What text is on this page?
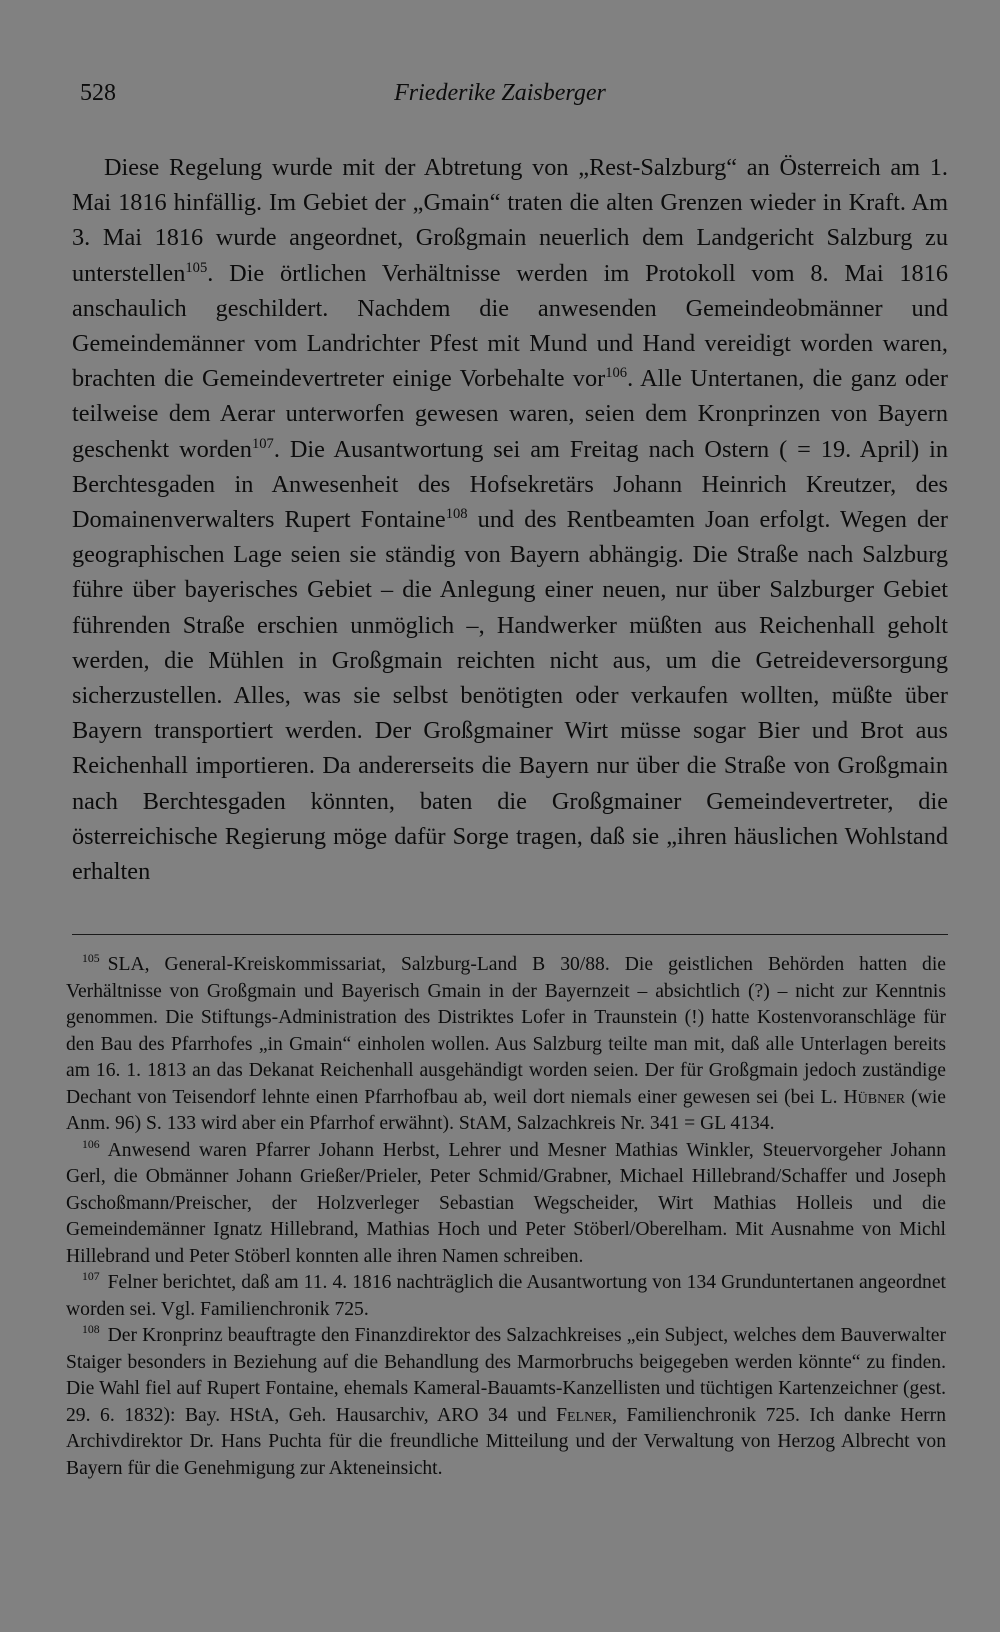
528	Friederike Zaisberger

Diese Regelung wurde mit der Abtretung von „Rest-Salzburg“ an Österreich am 1. Mai 1816 hinfällig. Im Gebiet der „Gmain“ traten die alten Grenzen wieder in Kraft. Am 3. Mai 1816 wurde angeordnet, Großgmain neuerlich dem Landgericht Salzburg zu unterstellen$^{105}$. Die örtlichen Verhältnisse werden im Protokoll vom 8. Mai 1816 anschaulich geschildert. Nachdem die anwesenden Gemeindeobmänner und Gemeindemänner vom Landrichter Pfest mit Mund und Hand vereidigt worden waren, brachten die Gemeindevertreter einige Vorbehalte vor$^{106}$. Alle Untertanen, die ganz oder teilweise dem Aerar unterworfen gewesen waren, seien dem Kronprinzen von Bayern geschenkt worden$^{107}$. Die Ausantwortung sei am Freitag nach Ostern ( = 19. April) in Berchtesgaden in Anwesenheit des Hofsekretärs Johann Heinrich Kreutzer, des Domainenverwalters Rupert Fontaine$^{108}$ und des Rentbeamten Joan erfolgt. Wegen der geographischen Lage seien sie ständig von Bayern abhängig. Die Straße nach Salzburg führe über bayerisches Gebiet – die Anlegung einer neuen, nur über Salzburger Gebiet führenden Straße erschien unmöglich –, Handwerker müßten aus Reichenhall geholt werden, die Mühlen in Großgmain reichten nicht aus, um die Getreideversorgung sicherzustellen. Alles, was sie selbst benötigten oder verkaufen wollten, müßte über Bayern transportiert werden. Der Großgmainer Wirt müsse sogar Bier und Brot aus Reichenhall importieren. Da andererseits die Bayern nur über die Straße von Großgmain nach Berchtesgaden könnten, baten die Großgmainer Gemeindevertreter, die österreichische Regierung möge dafür Sorge tragen, daß sie „ihren häuslichen Wohlstand erhalten

$^{105}$ SLA, General-Kreiskommissariat, Salzburg-Land B 30/88. Die geistlichen Behörden hatten die Verhältnisse von Großgmain und Bayerisch Gmain in der Bayernzeit – absichtlich (?) – nicht zur Kenntnis genommen. Die Stiftungs-Administration des Distriktes Lofer in Traunstein (!) hatte Kostenvoranschläge für den Bau des Pfarrhofes „in Gmain“ einholen wollen. Aus Salzburg teilte man mit, daß alle Unterlagen bereits am 16. 1. 1813 an das Dekanat Reichenhall ausgehändigt worden seien. Der für Großgmain jedoch zuständige Dechant von Teisendorf lehnte einen Pfarrhofbau ab, weil dort niemals einer gewesen sei (bei L. Hübner (wie Anm. 96) S. 133 wird aber ein Pfarrhof erwähnt). StAM, Salzachkreis Nr. 341 = GL 4134.

$^{106}$ Anwesend waren Pfarrer Johann Herbst, Lehrer und Mesner Mathias Winkler, Steuervorgeher Johann Gerl, die Obmänner Johann Grießer/Prieler, Peter Schmid/Grabner, Michael Hillebrand/Schaffer und Joseph Gschoßmann/Preischer, der Holzverleger Sebastian Wegscheider, Wirt Mathias Holleis und die Gemeindemänner Ignatz Hillebrand, Mathias Hoch und Peter Stöberl/Oberelham. Mit Ausnahme von Michl Hillebrand und Peter Stöberl konnten alle ihren Namen schreiben.

$^{107}$ Felner berichtet, daß am 11. 4. 1816 nachträglich die Ausantwortung von 134 Grunduntertanen angeordnet worden sei. Vgl. Familienchronik 725.

$^{108}$ Der Kronprinz beauftragte den Finanzdirektor des Salzachkreises „ein Subject, welches dem Bauverwalter Staiger besonders in Beziehung auf die Behandlung des Marmorbruchs beigegeben werden könnte“ zu finden. Die Wahl fiel auf Rupert Fontaine, ehemals Kameral-Bauamts-Kanzellisten und tüchtigen Kartenzeichner (gest. 29. 6. 1832): Bay. HStA, Geh. Hausarchiv, ARO 34 und Felner, Familienchronik 725. Ich danke Herrn Archivdirektor Dr. Hans Puchta für die freundliche Mitteilung und der Verwaltung von Herzog Albrecht von Bayern für die Genehmigung zur Akteneinsicht.
